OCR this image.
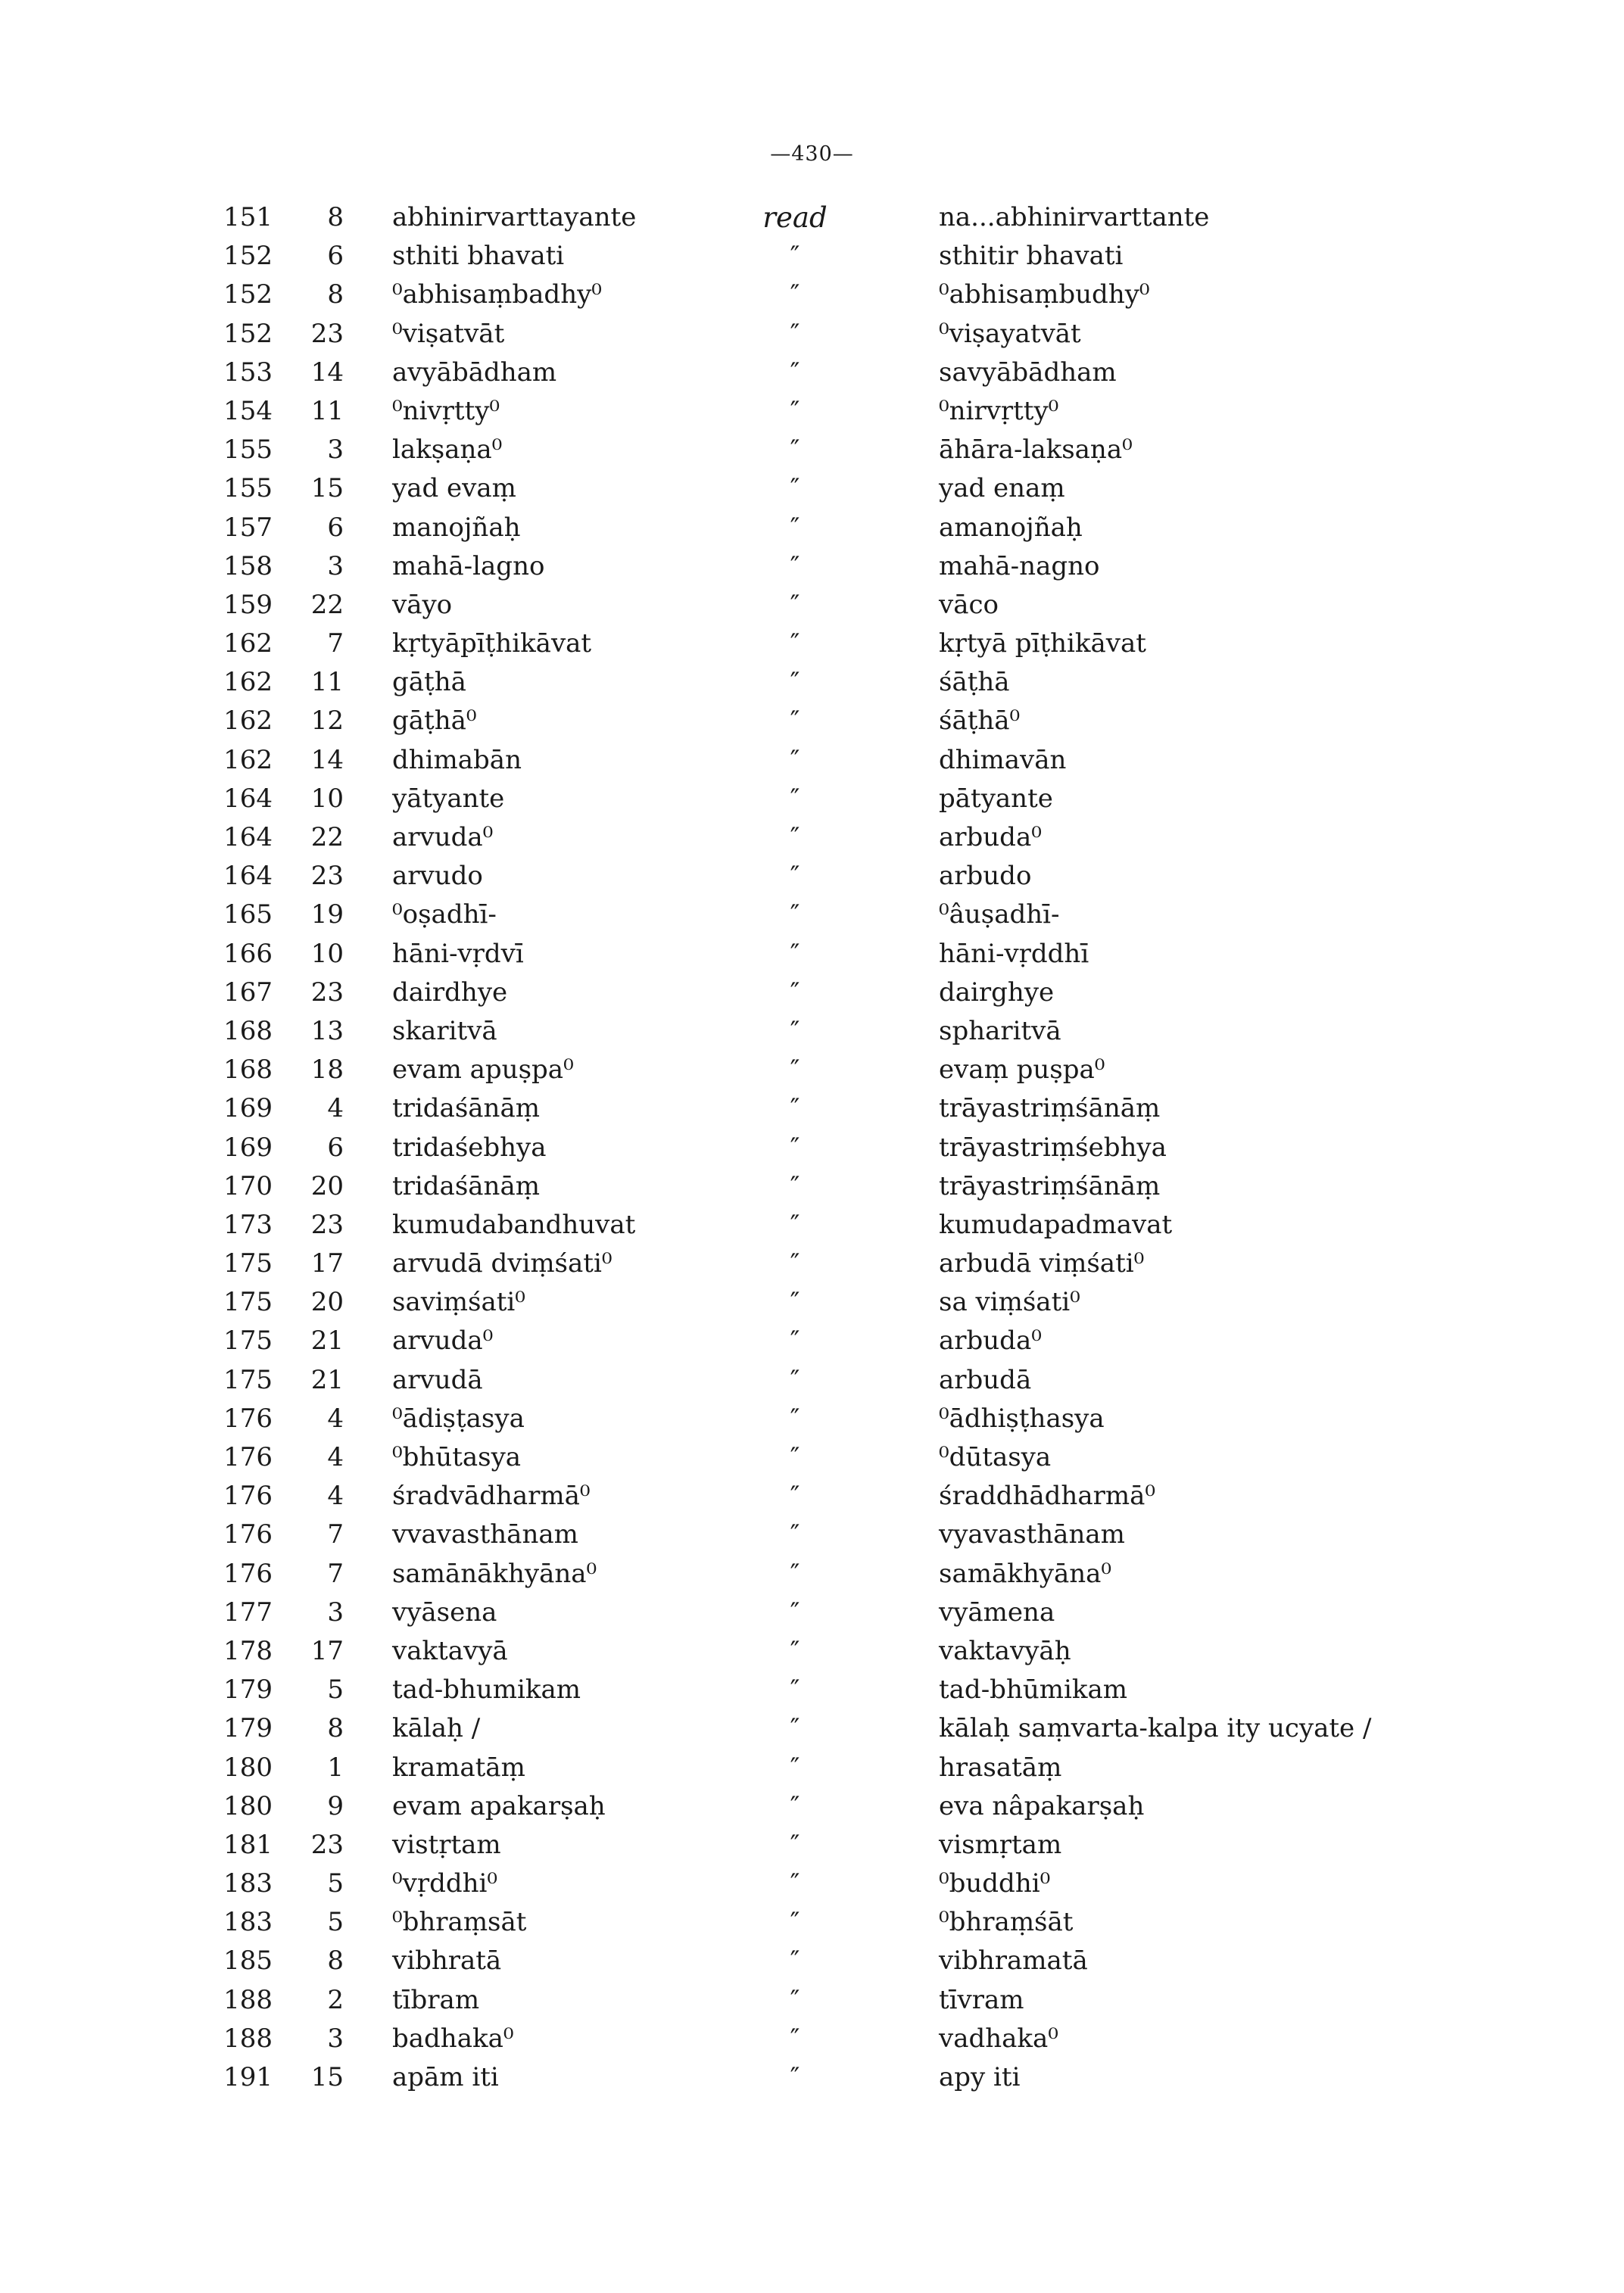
—430—
151	8 abhinirvarttayante	read	na...abhinirvarttante
152	6 sthiti bhavati	″	sthitir bhavati
152	8 ⁰abhisaṃbadhy⁰	″	⁰abhisaṃbudhy⁰
152	23 ⁰viṣatvāt	″	⁰viṣayatvāt
153	14 avyābādham	″	savyābādham
154	11 ⁰nivṛtty⁰	″	⁰nirvṛtty⁰
155	3 lakṣaṇa⁰	″	āhāra-laksaṇa⁰
155	15 yad evaṃ	″	yad enaṃ
157	6 manojñaḥ	″	amanojñaḥ
158	3 mahā-lagno	″	mahā-nagno
159	22 vāyo	″	vāco
162	7 kṛtyāpīṭhikāvat	″	kṛtyā pīṭhikāvat
162	11 gāṭhā	″	śāṭhā
162	12 gāṭhā⁰	″	śāṭhā⁰
162	14 dhimabān	″	dhimavān
164	10 yātyante	″	pātyante
164	22 arvuda⁰	″	arbuda⁰
164	23 arvudo	″	arbudo
165	19 ⁰oṣadhī-	″	⁰âuṣadhī-
166	10 hāni-vṛdvī	″	hāni-vṛddhī
167	23 dairdhye	″	dairghye
168	13 skaritvā	″	spharitvā
168	18 evam apuṣpa⁰	″	evaṃ puṣpa⁰
169	4 tridaśānāṃ	″	trāyastriṃśānāṃ
169	6 tridaśebhya	″	trāyastriṃśebhya
170	20 tridaśānāṃ	″	trāyastriṃśānāṃ
173	23 kumudabandhuvat	″	kumudapadmavat
175	17 arvudā dviṃśati⁰	″	arbudā viṃśati⁰
175	20 saviṃśati⁰	″	sa viṃśati⁰
175	21 arvuda⁰	″	arbuda⁰
175	21 arvudā	″	arbudā
176	4 ⁰ādiṣṭasya	″	⁰ādhiṣṭhasya
176	4 ⁰bhūtasya	″	⁰dūtasya
176	4 śradvādharmā⁰	″	śraddhādharmā⁰
176	7 vvavasthānam	″	vyavasthānam
176	7 samānākhyāna⁰	″	samākhyāna⁰
177	3 vyāsena	″	vyāmena
178	17 vaktavyā	″	vaktavyāḥ
179	5 tad-bhumikam	″	tad-bhūmikam
179	8 kālaḥ /	″	kālaḥ saṃvarta-kalpa ity ucyate /
180	1 kramatāṃ	″	hrasatāṃ
180	9 evam apakarṣaḥ	″	eva nâpakarṣaḥ
181	23 vistṛtam	″	vismṛtam
183	5 ⁰vṛddhi⁰	″	⁰buddhi⁰
183	5 ⁰bhraṃsāt	″	⁰bhraṃśāt
185	8 vibhratā	″	vibhramatā
188	2 tībram	″	tīvram
188	3 badhaka⁰	″	vadhaka⁰
191	15 apām iti	″	apy iti
